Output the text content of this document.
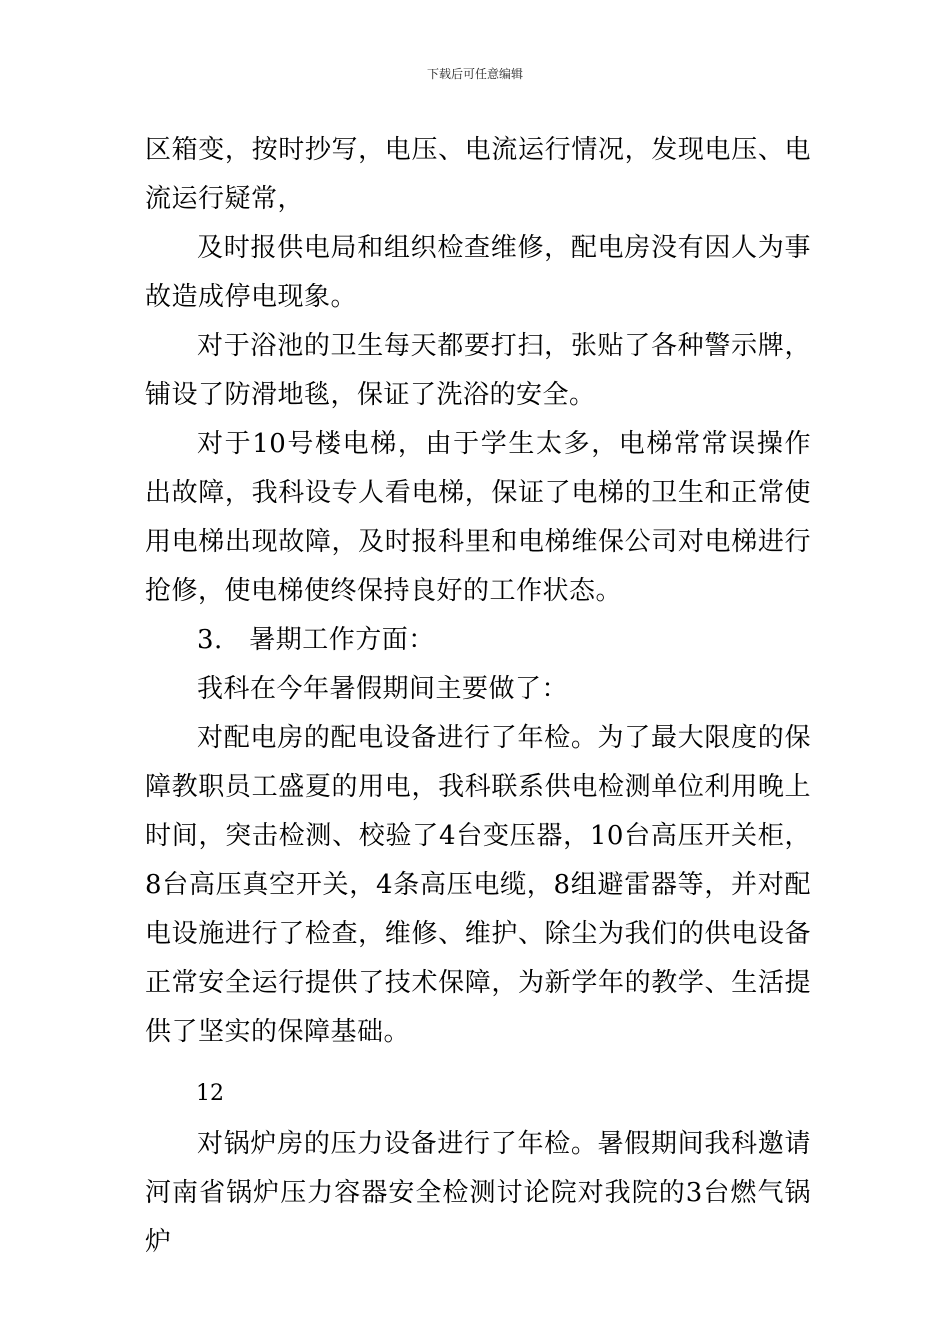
下载后可任意编辑

区箱变，按时抄写，电压、电流运行情况，发现电压、电流运行疑常，

及时报供电局和组织检查维修，配电房没有因人为事故造成停电现象。

对于浴池的卫生每天都要打扫，张贴了各种警示牌，铺设了防滑地毯，保证了洗浴的安全。

对于10号楼电梯，由于学生太多，电梯常常误操作出故障，我科设专人看电梯，保证了电梯的卫生和正常使用电梯出现故障，及时报科里和电梯维保公司对电梯进行抢修，使电梯使终保持良好的工作状态。

3.　暑期工作方面：

我科在今年暑假期间主要做了：

对配电房的配电设备进行了年检。为了最大限度的保障教职员工盛夏的用电，我科联系供电检测单位利用晚上时间，突击检测、校验了4台变压器，10台高压开关柜，8台高压真空开关，4条高压电缆，8组避雷器等，并对配电设施进行了检查，维修、维护、除尘为我们的供电设备正常安全运行提供了技术保障，为新学年的教学、生活提供了坚实的保障基础。

12

对锅炉房的压力设备进行了年检。暑假期间我科邀请河南省锅炉压力容器安全检测讨论院对我院的3台燃气锅炉
